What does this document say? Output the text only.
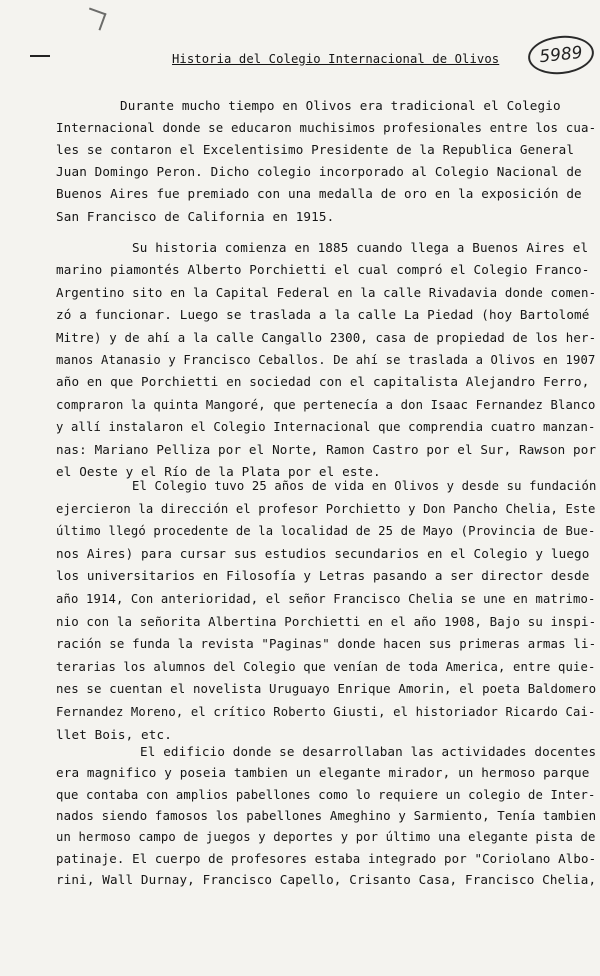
5989
Historia del Colegio Internacional de Olivos
Durante mucho tiempo en Olivos era tradicional el Colegio
Internacional donde se educaron muchisimos profesionales entre los cua-
les se contaron el Excelentisimo Presidente de la Republica General
Juan Domingo Peron. Dicho colegio incorporado al Colegio Nacional de
Buenos Aires fue premiado con una medalla de oro en la exposición de
San Francisco de California en 1915.
Su historia comienza en 1885 cuando llega a Buenos Aires el
marino piamontés Alberto Porchietti el cual compró el Colegio Franco-
Argentino sito en la Capital Federal en la calle Rivadavia donde comen-
zó a funcionar. Luego se traslada a la calle La Piedad (hoy Bartolomé
Mitre) y de ahí a la calle Cangallo 2300, casa de propiedad de los her-
manos Atanasio y Francisco Ceballos. De ahí se traslada a Olivos en 1907
año en que Porchietti en sociedad con el capitalista Alejandro Ferro,
compraron la quinta Mangoré, que pertenecía a don Isaac Fernandez Blanco
y allí instalaron el Colegio Internacional que comprendia cuatro manzan-
nas: Mariano Pelliza por el Norte, Ramon Castro por el Sur, Rawson por
el Oeste y el Río de la Plata por el este.
El Colegio tuvo 25 años de vida en Olivos y desde su fundación
ejercieron la dirección el profesor Porchietto y Don Pancho Chelia, Este
último llegó procedente de la localidad de 25 de Mayo (Provincia de Bue-
nos Aires) para cursar sus estudios secundarios en el Colegio y luego
los universitarios en Filosofía y Letras pasando a ser director desde
año 1914, Con anterioridad, el señor Francisco Chelia se une en matrimo-
nio con la señorita Albertina Porchietti en el año 1908, Bajo su inspi-
ración se funda la revista "Paginas" donde hacen sus primeras armas li-
terarias los alumnos del Colegio que venían de toda America, entre quie-
nes se cuentan el novelista Uruguayo Enrique Amorin, el poeta Baldomero
Fernandez Moreno, el crítico Roberto Giusti, el historiador Ricardo Cai-
llet Bois, etc.
El edificio donde se desarrollaban las actividades docentes
era magnifico y poseia tambien un elegante mirador, un hermoso parque
que contaba con amplios pabellones como lo requiere un colegio de Inter-
nados siendo famosos los pabellones Ameghino y Sarmiento, Tenía tambien
un hermoso campo de juegos y deportes y por último una elegante pista de
patinaje. El cuerpo de profesores estaba integrado por "Coriolano Albo-
rini, Wall Durnay, Francisco Capello, Crisanto Casa, Francisco Chelia,
